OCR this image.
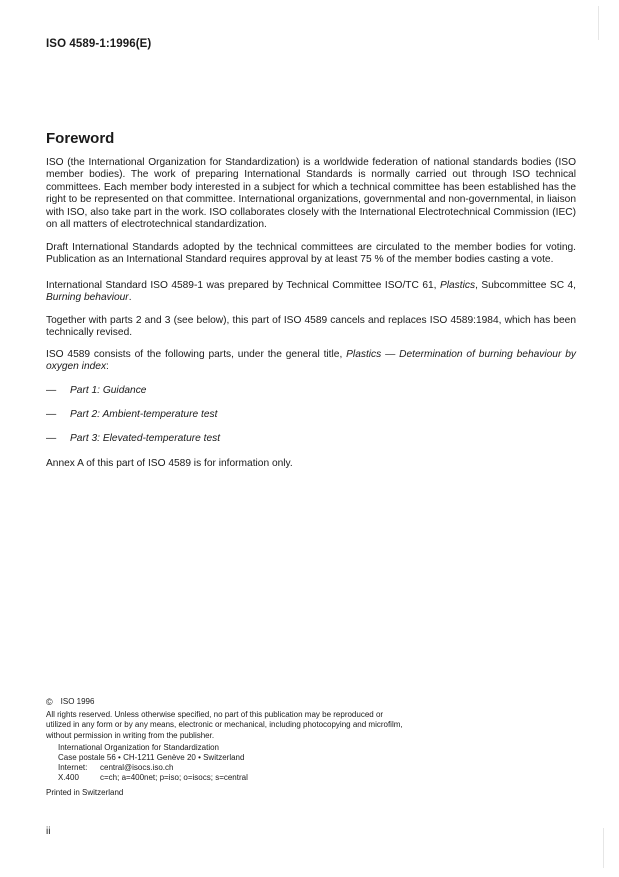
ISO 4589-1:1996(E)
Foreword
ISO (the International Organization for Standardization) is a worldwide federation of national standards bodies (ISO member bodies). The work of preparing International Standards is normally carried out through ISO technical committees. Each member body interested in a subject for which a technical committee has been established has the right to be represented on that committee. International organizations, governmental and non-governmental, in liaison with ISO, also take part in the work. ISO collaborates closely with the International Electrotechnical Commission (IEC) on all matters of electrotechnical standardization.
Draft International Standards adopted by the technical committees are circulated to the member bodies for voting. Publication as an International Standard requires approval by at least 75 % of the member bodies casting a vote.
International Standard ISO 4589-1 was prepared by Technical Committee ISO/TC 61, Plastics, Subcommittee SC 4, Burning behaviour.
Together with parts 2 and 3 (see below), this part of ISO 4589 cancels and replaces ISO 4589:1984, which has been technically revised.
ISO 4589 consists of the following parts, under the general title, Plastics — Determination of burning behaviour by oxygen index:
—	Part 1: Guidance
—	Part 2: Ambient-temperature test
—	Part 3: Elevated-temperature test
Annex A of this part of ISO 4589 is for information only.
© ISO 1996
All rights reserved. Unless otherwise specified, no part of this publication may be reproduced or utilized in any form or by any means, electronic or mechanical, including photocopying and microfilm, without permission in writing from the publisher.
International Organization for Standardization
Case postale 56 • CH-1211 Genève 20 • Switzerland
Internet:	central@isocs.iso.ch
X.400	c=ch; a=400net; p=iso; o=isocs; s=central
Printed in Switzerland
ii
